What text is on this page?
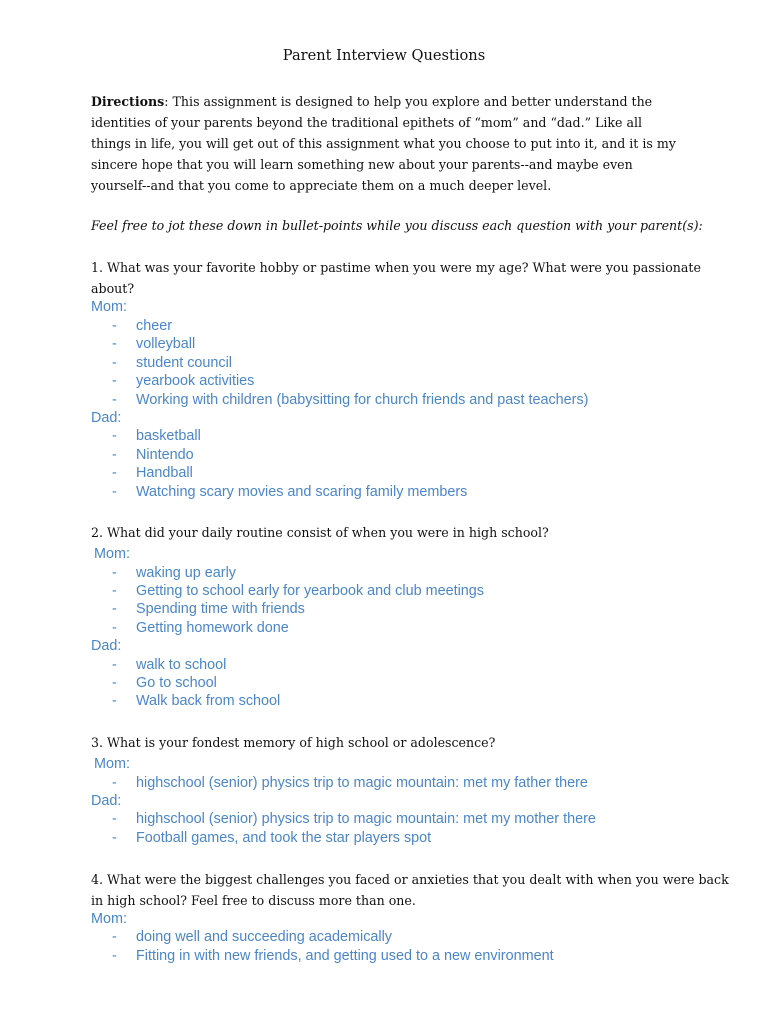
Parent Interview Questions
Directions: This assignment is designed to help you explore and better understand the
identities of your parents beyond the traditional epithets of “mom” and “dad.” Like all
things in life, you will get out of this assignment what you choose to put into it, and it is my
sincere hope that you will learn something new about your parents--and maybe even
yourself--and that you come to appreciate them on a much deeper level.
Feel free to jot these down in bullet-points while you discuss each question with your parent(s):
1. What was your favorite hobby or pastime when you were my age? What were you passionate
about?
Mom:
- cheer
- volleyball
- student council
- yearbook activities
- Working with children (babysitting for church friends and past teachers)
Dad:
- basketball
- Nintendo
- Handball
- Watching scary movies and scaring family members
2. What did your daily routine consist of when you were in high school?
Mom:
- waking up early
- Getting to school early for yearbook and club meetings
- Spending time with friends
- Getting homework done
Dad:
- walk to school
- Go to school
- Walk back from school
3. What is your fondest memory of high school or adolescence?
Mom:
- highschool (senior) physics trip to magic mountain: met my father there
Dad:
- highschool (senior) physics trip to magic mountain: met my mother there
- Football games, and took the star players spot
4. What were the biggest challenges you faced or anxieties that you dealt with when you were back
in high school? Feel free to discuss more than one.
Mom:
- doing well and succeeding academically
- Fitting in with new friends, and getting used to a new environment
